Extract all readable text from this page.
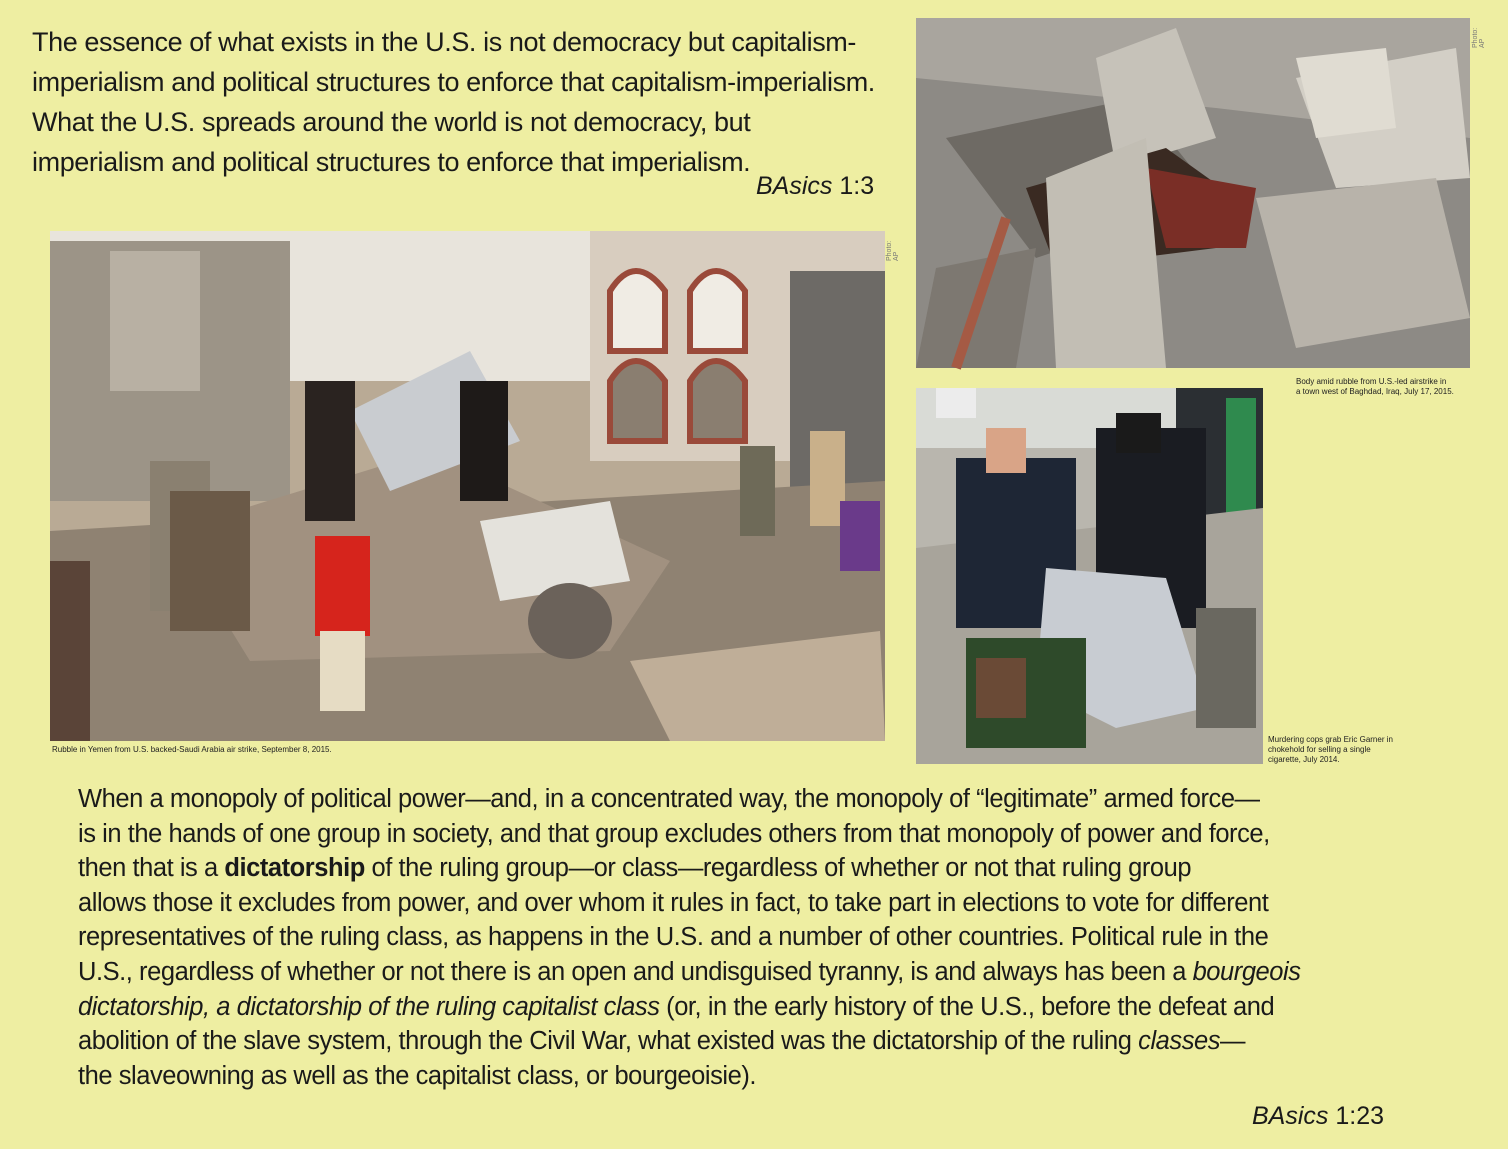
The essence of what exists in the U.S. is not democracy but capitalism-

imperialism and political structures to enforce that capitalism-imperialism.

What the U.S. spreads around the world is not democracy, but

imperialism and political structures to enforce that imperialism.

BAsics 1:3
Photo: AP
Rubble in Yemen from U.S. backed-Saudi Arabia air strike, September 8, 2015.
Photo: AP
Body amid rubble from U.S.-led airstrike in
a town west of Baghdad, Iraq, July 17, 2015.
Murdering cops grab Eric Garner in
chokehold for selling a single
cigarette, July 2014.

When a monopoly of political power—and, in a concentrated way, the monopoly of “legitimate” armed force—

is in the hands of one group in society, and that group excludes others from that monopoly of power and force,

then that is a dictatorship of the ruling group—or class—regardless of whether or not that ruling group

allows those it excludes from power, and over whom it rules in fact, to take part in elections to vote for different

representatives of the ruling class, as happens in the U.S. and a number of other countries. Political rule in the

U.S., regardless of whether or not there is an open and undisguised tyranny, is and always has been a bourgeois

dictatorship, a dictatorship of the ruling capitalist class (or, in the early history of the U.S., before the defeat and

abolition of the slave system, through the Civil War, what existed was the dictatorship of the ruling classes—

the slaveowning as well as the capitalist class, or bourgeoisie).

BAsics 1:23
